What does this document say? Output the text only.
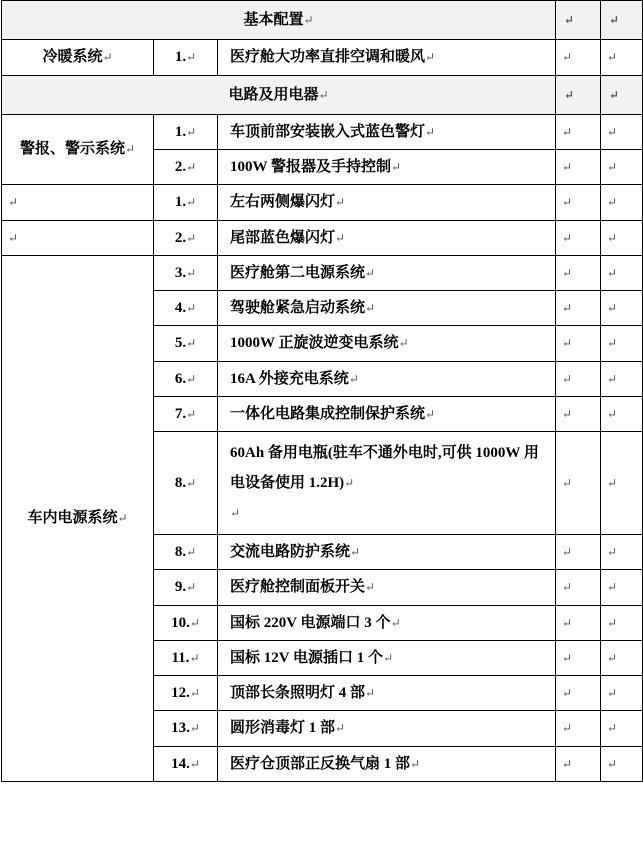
基本配置↵			↵	↵

冷暖系统↵	1.↵	医疗舱大功率直排空调和暖风↵	↵	↵

电路及用电器↵			↵	↵

警报、警示系统↵	1.↵	车顶前部安装嵌入式蓝色警灯↵	↵	↵

	2.↵	100W 警报器及手持控制↵	↵	↵

↵	1.↵	左右两侧爆闪灯↵	↵	↵

↵	2.↵	尾部蓝色爆闪灯↵	↵	↵

车内电源系统↵	3.↵	医疗舱第二电源系统↵	↵	↵

	4.↵	驾驶舱紧急启动系统↵	↵	↵

	5.↵	1000W 正旋波逆变电系统↵	↵	↵

	6.↵	16A 外接充电系统↵	↵	↵

	7.↵	一体化电路集成控制保护系统↵	↵	↵

	8.↵	60Ah 备用电瓶(驻车不通外电时,可供 1000W 用电设备使用 1.2H)↵
↵	↵	↵

	8.↵	交流电路防护系统↵	↵	↵

	9.↵	医疗舱控制面板开关↵	↵	↵

	10.↵	国标 220V 电源端口 3 个↵	↵	↵

	11.↵	国标 12V 电源插口 1 个↵	↵	↵

	12.↵	顶部长条照明灯 4 部↵	↵	↵

	13.↵	圆形消毒灯 1 部↵	↵	↵

	14.↵	医疗仓顶部正反换气扇 1 部↵	↵	↵
